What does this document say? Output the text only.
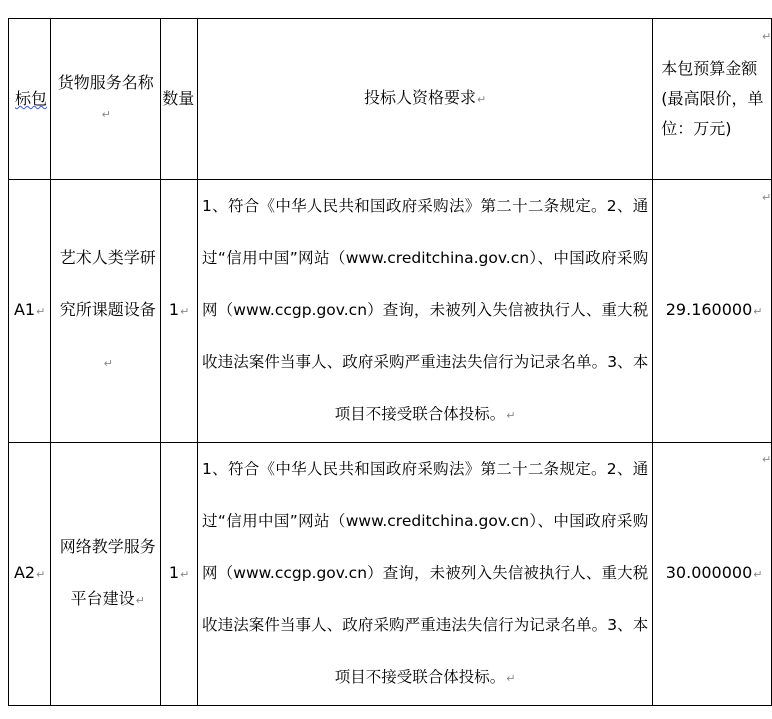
标包	货物服务名称↵	数量	投标人资格要求↵	本包预算金额(最高限价，单位：万元)

A1↵	艺术人类学研究所课题设备↵	1↵	1、符合《中华人民共和国政府采购法》第二十二条规定。2、通过“信用中国”网站（www.creditchina.gov.cn）、中国政府采购网（www.ccgp.gov.cn）查询，未被列入失信被执行人、重大税收违法案件当事人、政府采购严重违法失信行为记录名单。3、本项目不接受联合体投标。↵	29.160000↵

A2↵	网络教学服务平台建设↵	1↵	1、符合《中华人民共和国政府采购法》第二十二条规定。2、通过“信用中国”网站（www.creditchina.gov.cn）、中国政府采购网（www.ccgp.gov.cn）查询，未被列入失信被执行人、重大税收违法案件当事人、政府采购严重违法失信行为记录名单。3、本项目不接受联合体投标。↵	30.000000↵
↵
↵
↵
